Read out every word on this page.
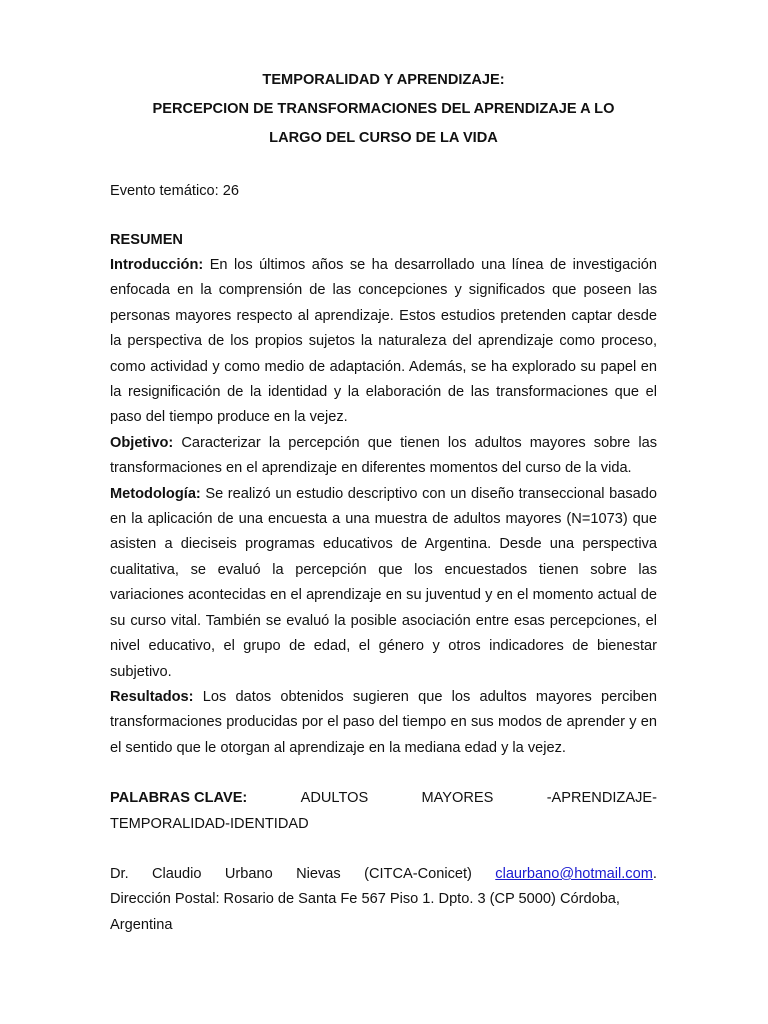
TEMPORALIDAD Y APRENDIZAJE:
PERCEPCION DE TRANSFORMACIONES DEL APRENDIZAJE A LO
LARGO DEL CURSO DE LA VIDA
Evento temático: 26
RESUMEN

Introducción: En los últimos años se ha desarrollado una línea de investigación enfocada en la comprensión de las concepciones y significados que poseen las personas mayores respecto al aprendizaje. Estos estudios pretenden captar desde la perspectiva de los propios sujetos la naturaleza del aprendizaje como proceso, como actividad y como medio de adaptación. Además, se ha explorado su papel en la resignificación de la identidad y la elaboración de las transformaciones que el paso del tiempo produce en la vejez.

Objetivo: Caracterizar la percepción que tienen los adultos mayores sobre las transformaciones en el aprendizaje en diferentes momentos del curso de la vida.

Metodología: Se realizó un estudio descriptivo con un diseño transeccional basado en la aplicación de una encuesta a una muestra de adultos mayores (N=1073) que asisten a dieciseis programas educativos de Argentina. Desde una perspectiva cualitativa, se evaluó la percepción que los encuestados tienen sobre las variaciones acontecidas en el aprendizaje en su juventud y en el momento actual de su curso vital. También se evaluó la posible asociación entre esas percepciones, el nivel educativo, el grupo de edad, el género y otros indicadores de bienestar subjetivo.

Resultados: Los datos obtenidos sugieren que los adultos mayores perciben transformaciones producidas por el paso del tiempo en sus modos de aprender y en el sentido que le otorgan al aprendizaje en la mediana edad y la vejez.

PALABRAS CLAVE:	ADULTOS	MAYORES	-APRENDIZAJE-
TEMPORALIDAD-IDENTIDAD
Dr. Claudio Urbano Nievas (CITCA-Conicet) claurbano@hotmail.com.
Dirección Postal: Rosario de Santa Fe 567 Piso 1. Dpto. 3 (CP 5000) Córdoba,
Argentina
